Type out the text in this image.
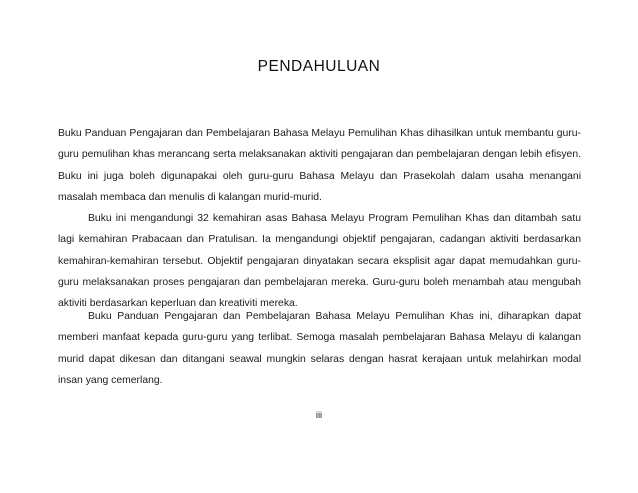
PENDAHULUAN

Buku Panduan Pengajaran dan Pembelajaran Bahasa Melayu Pemulihan Khas dihasilkan untuk membantu guru-guru pemulihan khas merancang serta melaksanakan aktiviti pengajaran dan pembelajaran dengan lebih efisyen. Buku ini juga boleh digunapakai oleh guru-guru Bahasa Melayu dan Prasekolah dalam usaha menangani masalah membaca dan menulis di kalangan murid-murid.

Buku ini mengandungi 32 kemahiran asas Bahasa Melayu Program Pemulihan Khas dan ditambah satu lagi kemahiran Prabacaan dan Pratulisan. Ia mengandungi objektif pengajaran, cadangan aktiviti berdasarkan kemahiran-kemahiran tersebut. Objektif pengajaran dinyatakan secara eksplisit agar dapat memudahkan guru-guru melaksanakan proses pengajaran dan pembelajaran mereka. Guru-guru boleh menambah atau mengubah aktiviti berdasarkan keperluan dan kreativiti mereka.

Buku Panduan Pengajaran dan Pembelajaran Bahasa Melayu Pemulihan Khas ini, diharapkan dapat memberi manfaat kepada guru-guru yang terlibat. Semoga masalah pembelajaran Bahasa Melayu di kalangan murid dapat dikesan dan ditangani seawal mungkin selaras dengan hasrat kerajaan untuk melahirkan modal insan yang cemerlang.

iii
